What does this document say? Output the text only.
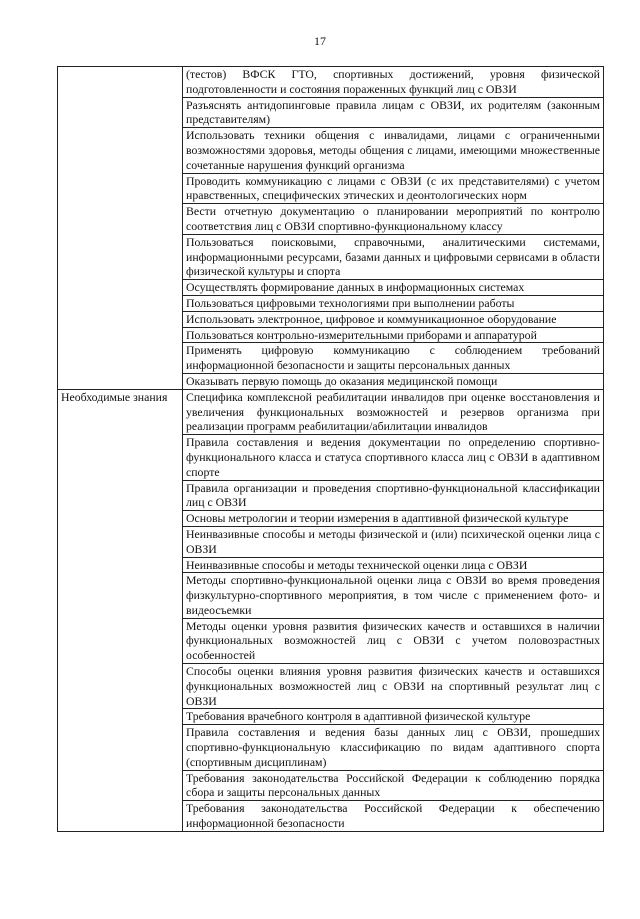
17
	(тестов) ВФСК ГТО, спортивных достижений, уровня физической подготовленности и состояния пораженных функций лиц с ОВЗИ
	Разъяснять антидопинговые правила лицам с ОВЗИ, их родителям (законным представителям)
	Использовать техники общения с инвалидами, лицами с ограниченными возможностями здоровья, методы общения с лицами, имеющими множественные сочетанные нарушения функций организма
	Проводить коммуникацию с лицами с ОВЗИ (с их представителями) с учетом нравственных, специфических этических и деонтологических норм
	Вести отчетную документацию о планировании мероприятий по контролю соответствия лиц с ОВЗИ спортивно-функциональному классу
	Пользоваться поисковыми, справочными, аналитическими системами, информационными ресурсами, базами данных и цифровыми сервисами в области физической культуры и спорта
	Осуществлять формирование данных в информационных системах
	Пользоваться цифровыми технологиями при выполнении работы
	Использовать электронное, цифровое и коммуникационное оборудование
	Пользоваться контрольно-измерительными приборами и аппаратурой
	Применять цифровую коммуникацию с соблюдением требований информационной безопасности и защиты персональных данных
	Оказывать первую помощь до оказания медицинской помощи
Необходимые знания	Специфика комплексной реабилитации инвалидов при оценке восстановления и увеличения функциональных возможностей и резервов организма при реализации программ реабилитации/абилитации инвалидов
	Правила составления и ведения документации по определению спортивно-функционального класса и статуса спортивного класса лиц с ОВЗИ в адаптивном спорте
	Правила организации и проведения спортивно-функциональной классификации лиц с ОВЗИ
	Основы метрологии и теории измерения в адаптивной физической культуре
	Неинвазивные способы и методы физической и (или) психической оценки лица с ОВЗИ
	Неинвазивные способы и методы технической оценки лица с ОВЗИ
	Методы спортивно-функциональной оценки лица с ОВЗИ во время проведения физкультурно-спортивного мероприятия, в том числе с применением фото- и видеосъемки
	Методы оценки уровня развития физических качеств и оставшихся в наличии функциональных возможностей лиц с ОВЗИ с учетом половозрастных особенностей
	Способы оценки влияния уровня развития физических качеств и оставшихся функциональных возможностей лиц с ОВЗИ на спортивный результат лиц с ОВЗИ
	Требования врачебного контроля в адаптивной физической культуре
	Правила составления и ведения базы данных лиц с ОВЗИ, прошедших спортивно-функциональную классификацию по видам адаптивного спорта (спортивным дисциплинам)
	Требования законодательства Российской Федерации к соблюдению порядка сбора и защиты персональных данных
	Требования законодательства Российской Федерации к обеспечению информационной безопасности
